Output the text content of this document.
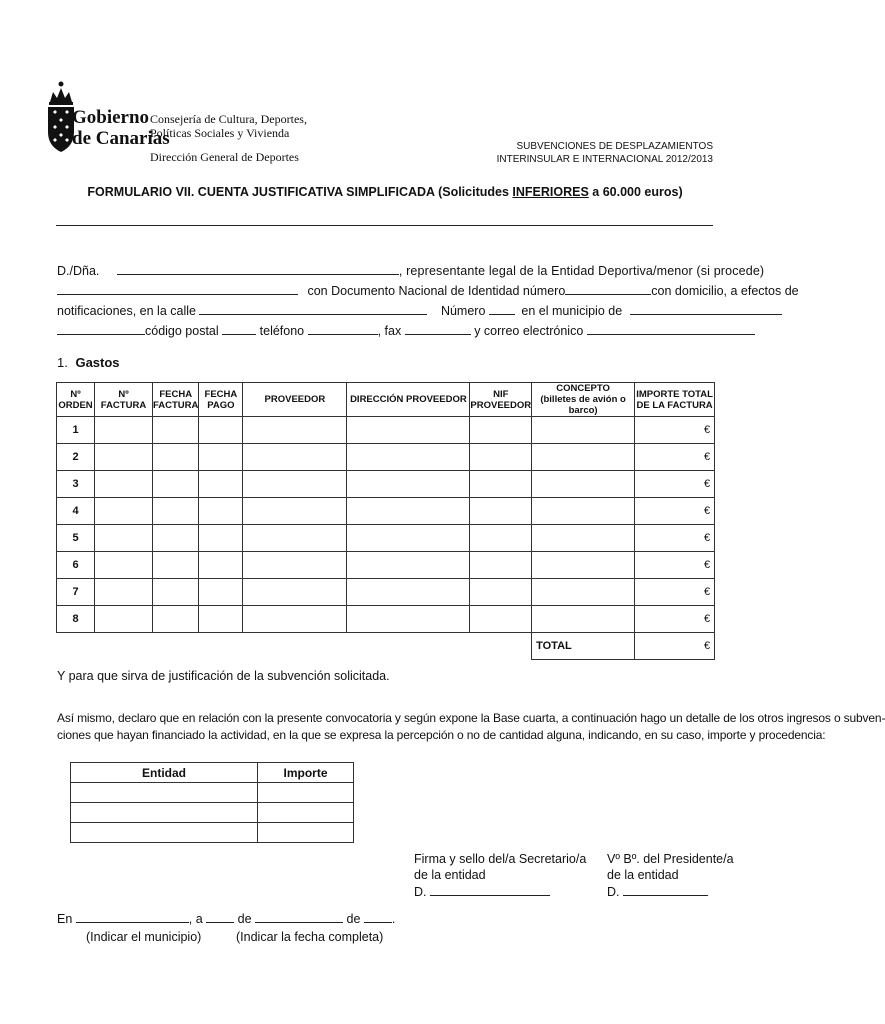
Gobierno
de Canarias
Consejería de Cultura, Deportes,
Políticas Sociales y Vivienda
Dirección General de Deportes
SUBVENCIONES DE DESPLAZAMIENTOS
INTERINSULAR E INTERNACIONAL 2012/2013
FORMULARIO VII. CUENTA JUSTIFICATIVA SIMPLIFICADA (Solicitudes INFERIORES a 60.000 euros)
D./Dña.	, representante legal de la Entidad Deportiva/menor (si procede)
con Documento Nacional de Identidad número	con domicilio, a efectos de
notificaciones, en la calle	Número	en el municipio de
código postal	teléfono	, fax	y correo electrónico
1. Gastos
Nº ORDEN	Nº FACTURA	FECHA FACTURA	FECHA PAGO	PROVEEDOR	DIRECCIÓN PROVEEDOR	NIF PROVEEDOR	CONCEPTO
(billetes de avión o barco)	IMPORTE TOTAL DE LA FACTURA
1								€
2								€
3								€
4								€
5								€
6								€
7								€
8								€
							TOTAL	€
Y para que sirva de justificación de la subvención solicitada.
Así mismo, declaro que en relación con la presente convocatoria y según expone la Base cuarta, a continuación hago un detalle de los otros ingresos o subven-
ciones que hayan financiado la actividad, en la que se expresa la percepción o no de cantidad alguna, indicando, en su caso, importe y procedencia:
Entidad	Importe

Firma y sello del/a Secretario/a
de la entidad
D.
Vº Bº. del Presidente/a
de la entidad
D.
En	, a	de	de	.
(Indicar el municipio)	(Indicar la fecha completa)
